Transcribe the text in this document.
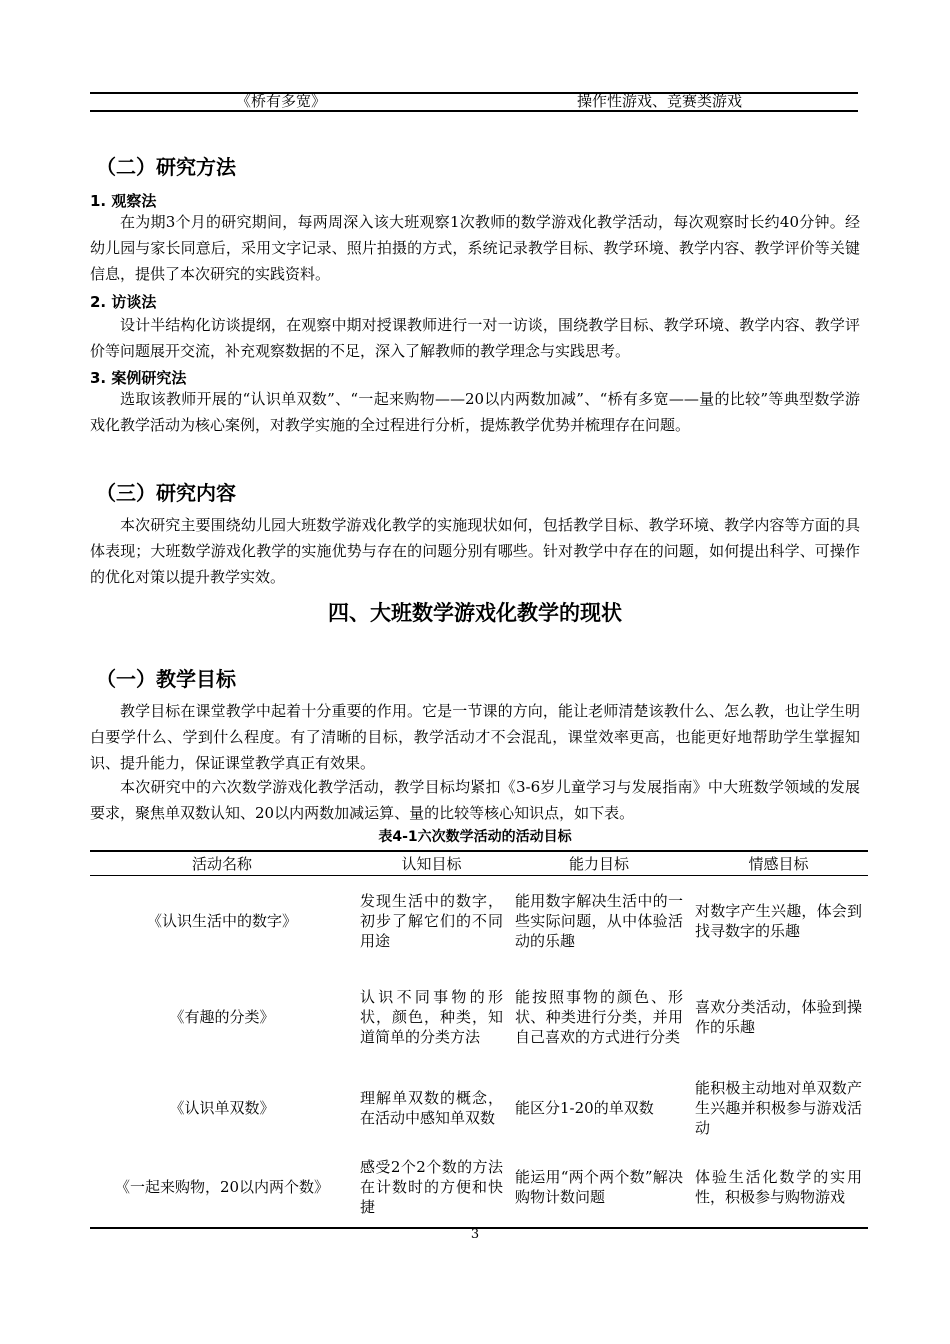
《桥有多宽》	操作性游戏、竞赛类游戏
（二）研究方法
1. 观察法

在为期3个月的研究期间，每两周深入该大班观察1次教师的数学游戏化教学活动，每次观察时长约40分钟。经幼儿园与家长同意后，采用文字记录、照片拍摄的方式，系统记录教学目标、教学环境、教学内容、教学评价等关键信息，提供了本次研究的实践资料。

2. 访谈法

设计半结构化访谈提纲，在观察中期对授课教师进行一对一访谈，围绕教学目标、教学环境、教学内容、教学评价等问题展开交流，补充观察数据的不足，深入了解教师的教学理念与实践思考。

3. 案例研究法

选取该教师开展的“认识单双数”、“一起来购物——20以内两数加减”、“桥有多宽——量的比较”等典型数学游戏化教学活动为核心案例，对教学实施的全过程进行分析，提炼教学优势并梳理存在问题。

（三）研究内容

本次研究主要围绕幼儿园大班数学游戏化教学的实施现状如何，包括教学目标、教学环境、教学内容等方面的具体表现；大班数学游戏化教学的实施优势与存在的问题分别有哪些。针对教学中存在的问题，如何提出科学、可操作的优化对策以提升教学实效。

四、大班数学游戏化教学的现状
（一）教学目标

教学目标在课堂教学中起着十分重要的作用。它是一节课的方向，能让老师清楚该教什么、怎么教，也让学生明白要学什么、学到什么程度。有了清晰的目标，教学活动才不会混乱，课堂效率更高，也能更好地帮助学生掌握知识、提升能力，保证课堂教学真正有效果。

本次研究中的六次数学游戏化教学活动，教学目标均紧扣《3-6岁儿童学习与发展指南》中大班数学领域的发展要求，聚焦单双数认知、20以内两数加减运算、量的比较等核心知识点，如下表。

表4-1六次数学活动的活动目标
活动名称	认知目标	能力目标	情感目标
《认识生活中的数字》	发现生活中的数字，初步了解它们的不同用途	能用数字解决生活中的一些实际问题，从中体验活动的乐趣	对数字产生兴趣，体会到找寻数字的乐趣
《有趣的分类》	认识不同事物的形状，颜色，种类，知道简单的分类方法	能按照事物的颜色、形状、种类进行分类，并用自己喜欢的方式进行分类	喜欢分类活动，体验到操作的乐趣
《认识单双数》	理解单双数的概念，在活动中感知单双数	能区分1-20的单双数	能积极主动地对单双数产生兴趣并积极参与游戏活动
《一起来购物，20以内两个数》	感受2个2个数的方法在计数时的方便和快捷	能运用“两个两个数”解决购物计数问题	体验生活化数学的实用性，积极参与购物游戏
3
